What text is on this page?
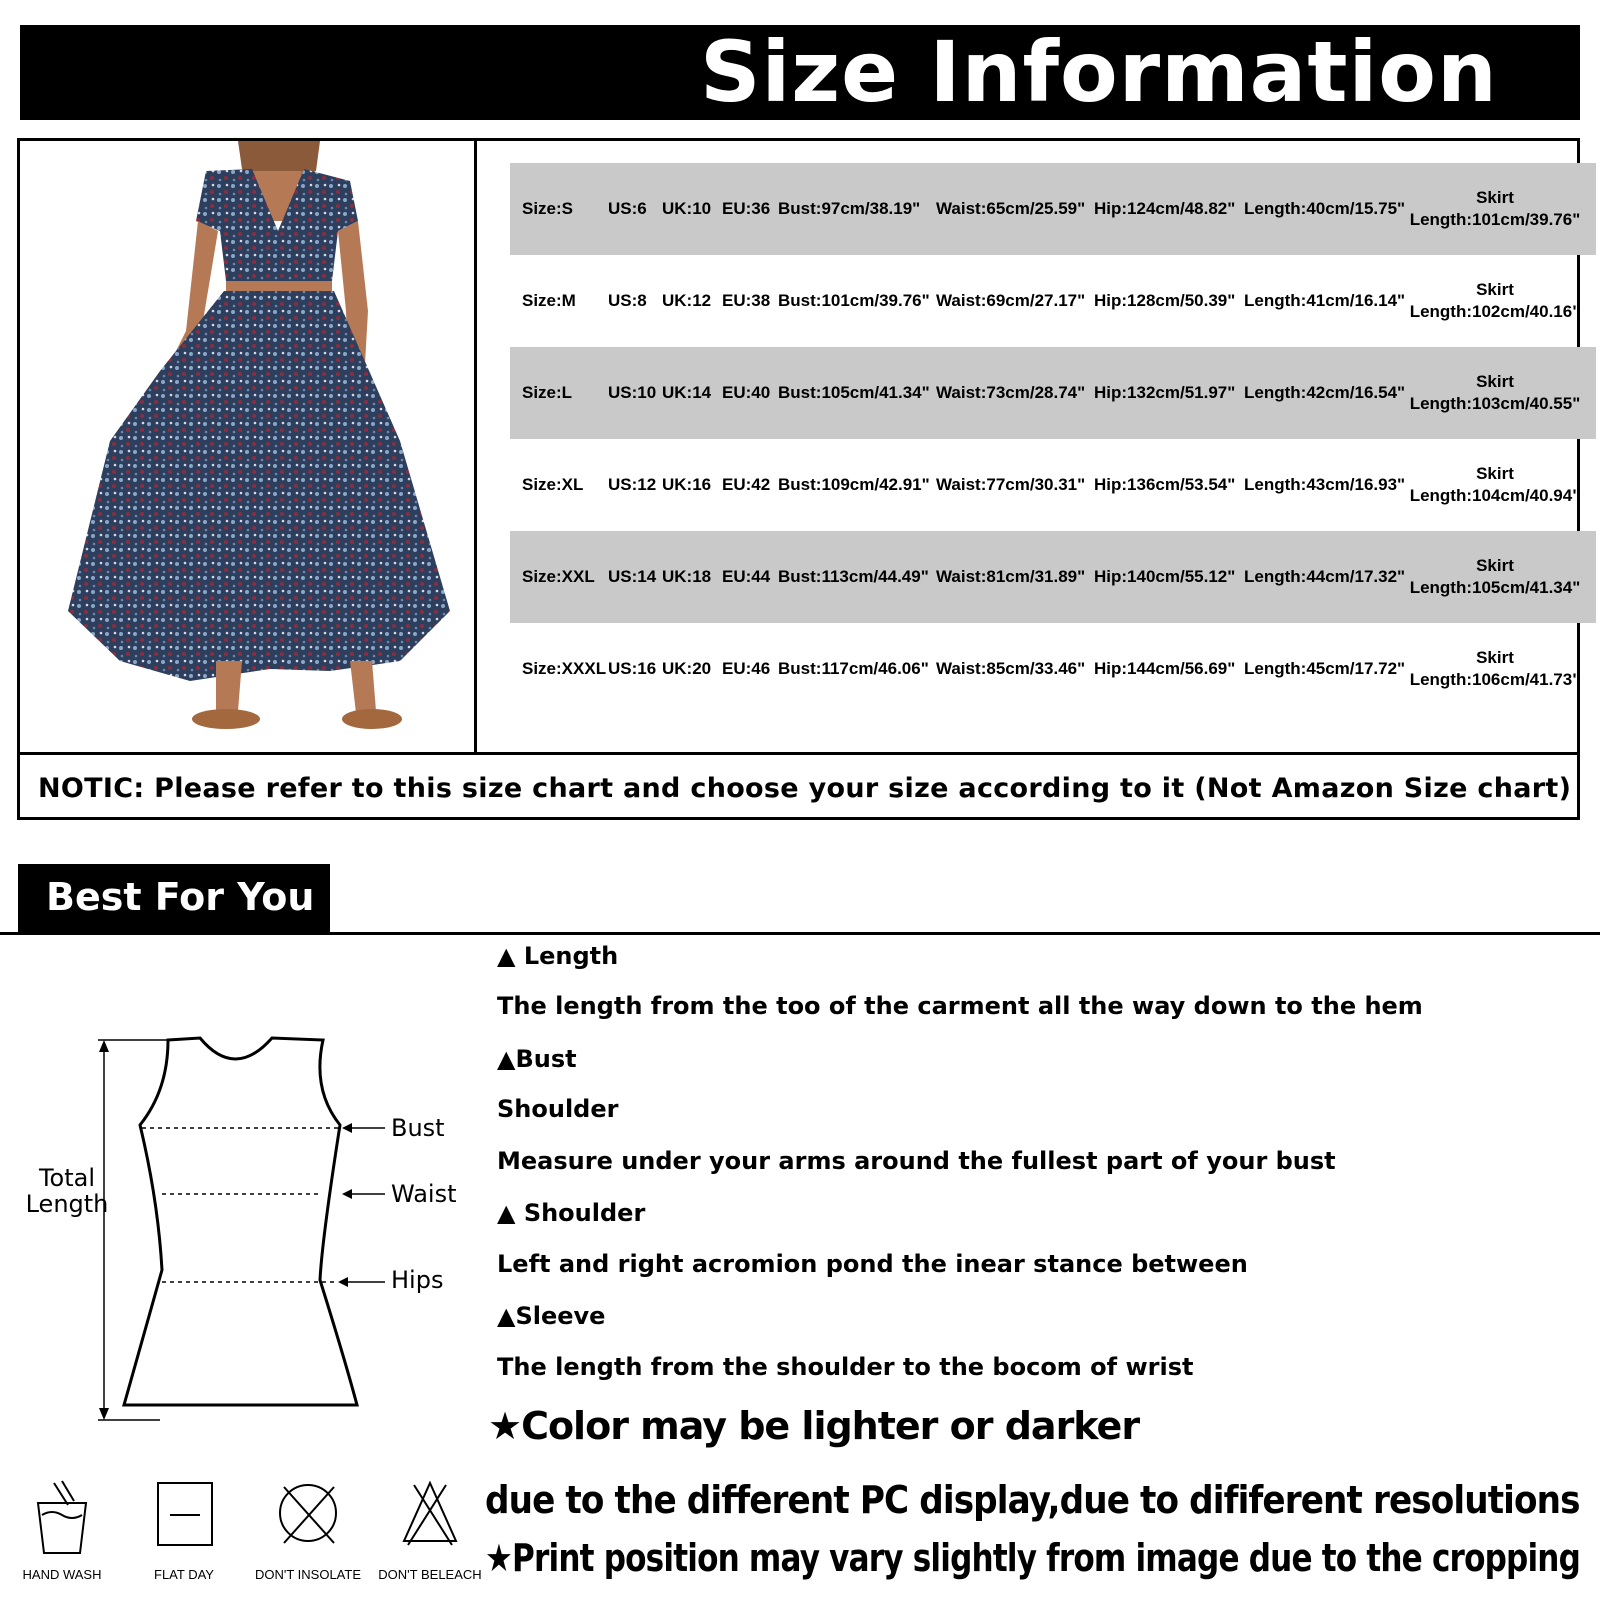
Size Information
Size:S US:6 UK:10 EU:36 Bust:97cm/38.19" Waist:65cm/25.59" Hip:124cm/48.82" Length:40cm/15.75"
Skirt
Length:101cm/39.76"
Size:M US:8 UK:12 EU:38 Bust:101cm/39.76" Waist:69cm/27.17" Hip:128cm/50.39" Length:41cm/16.14"
Skirt
Length:102cm/40.16"
Size:L US:10 UK:14 EU:40 Bust:105cm/41.34" Waist:73cm/28.74" Hip:132cm/51.97" Length:42cm/16.54"
Skirt
Length:103cm/40.55"
Size:XL US:12 UK:16 EU:42 Bust:109cm/42.91" Waist:77cm/30.31" Hip:136cm/53.54" Length:43cm/16.93"
Skirt
Length:104cm/40.94"
Size:XXL US:14 UK:18 EU:44 Bust:113cm/44.49" Waist:81cm/31.89" Hip:140cm/55.12" Length:44cm/17.32"
Skirt
Length:105cm/41.34"
Size:XXXL US:16 UK:20 EU:46 Bust:117cm/46.06" Waist:85cm/33.46" Hip:144cm/56.69" Length:45cm/17.72"
Skirt
Length:106cm/41.73"
NOTIC: Please refer to this size chart and choose your size according to it (Not Amazon Size chart)
Best For You
Total Length
Bust
Waist
Hips
HAND WASH	FLAT DAY	DON'T INSOLATE	DON'T BELEACH
▲ Length
The length from the too of the carment all the way down to the hem
▲Bust
Shoulder
Measure under your arms around the fullest part of your bust
▲ Shoulder
Left and right acromion pond the inear stance between
▲Sleeve
The length from the shoulder to the bocom of wrist
★Color may be lighter or darker
due to the different PC display,due to dififerent resolutions
★Print position may vary slightly from image due to the cropping
